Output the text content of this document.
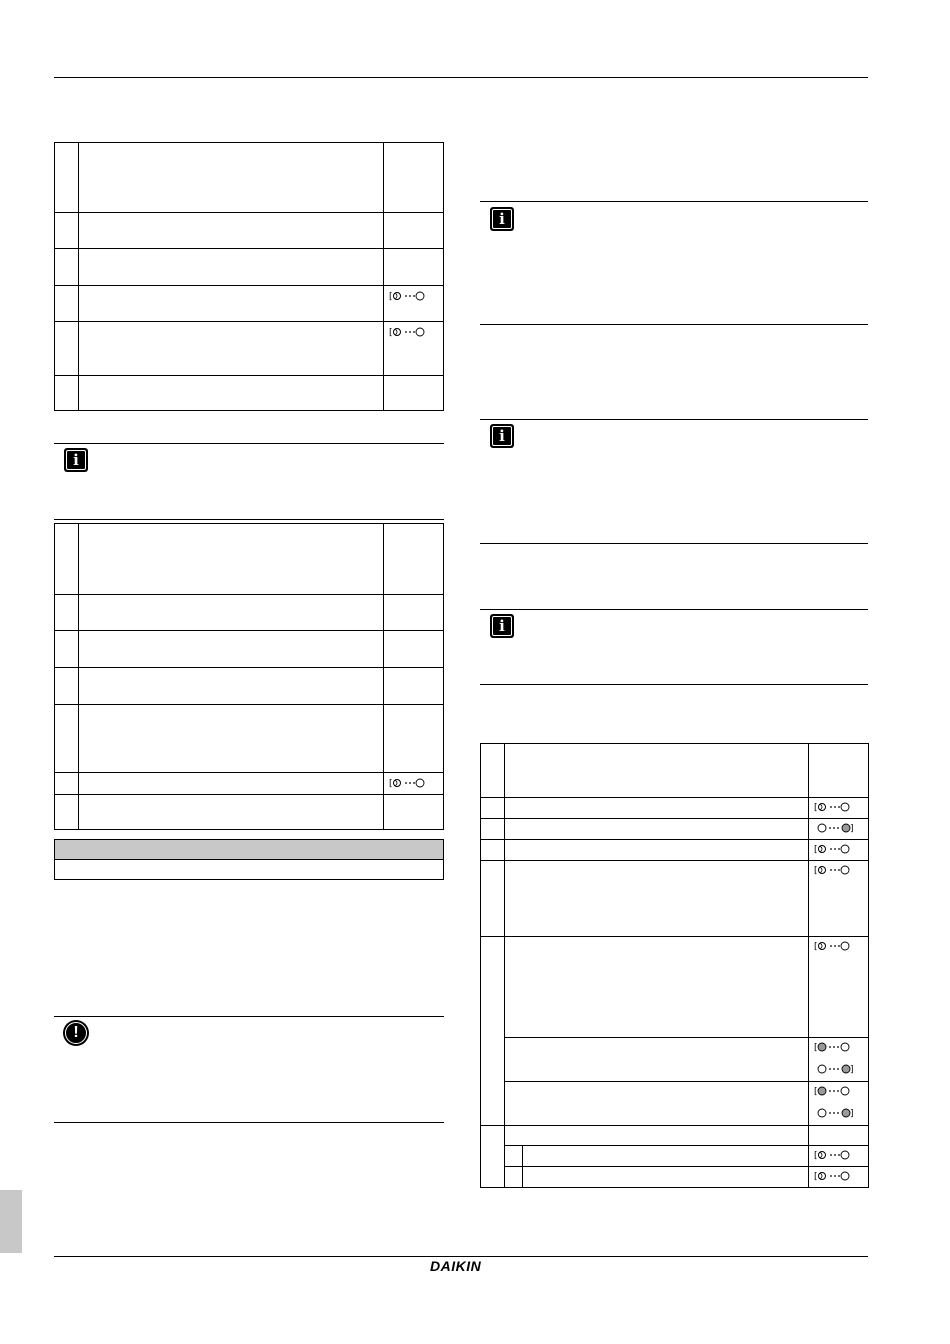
[
[
i
[
!
i
i
i
[
]
[
[
[
[
]
[
]
[
[
DAIKIN
